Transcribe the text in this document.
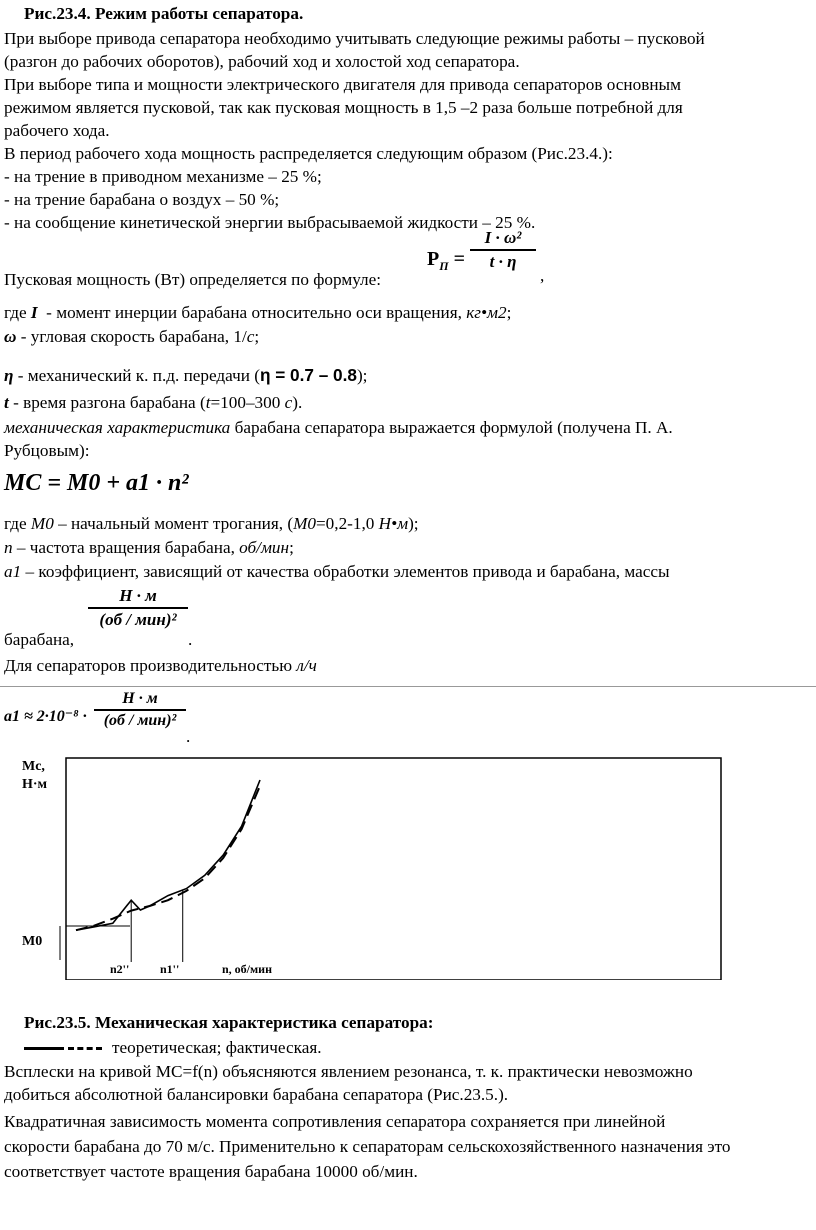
Рис.23.4. Режим работы сепаратора.
При выборе привода сепаратора необходимо учитывать следующие режимы работы – пусковой
(разгон до рабочих оборотов), рабочий ход и холостой ход сепаратора.
При выборе типа и мощности электрического двигателя для привода сепараторов основным
режимом является пусковой, так как пусковая мощность в 1,5 –2 раза больше потребной для
рабочего хода.
В период рабочего хода мощность распределяется следующим образом (Рис.23.4.):
- на трение в приводном механизме – 25 %;
- на трение барабана о воздух – 50 %;
- на сообщение кинетической энергии выбрасываемой жидкости – 25 %.
$P_П$ =
I · ω²
t · η
Пусковая мощность (Вт) определяется по формуле:	,
где I - момент инерции барабана относительно оси вращения, кг•м2;
ω - угловая скорость барабана, 1/с;
η - механический к. п.д. передачи (η = 0.7 – 0.8);
t - время разгона барабана (t=100–300 с).
механическая характеристика барабана сепаратора выражается формулой (получена П. А.
Рубцовым):
MC = M0 + a1 · n²
где M0 – начальный момент трогания, (M0=0,2-1,0 Н•м);
n – частота вращения барабана, об/мин;
a1 – коэффициент, зависящий от качества обработки элементов привода и барабана, массы
Н · м
(об / мин)²
барабана,	.
Для сепараторов производительностью л/ч
a1 ≈ 2·10⁻⁸ ·
Н · м
(об / мин)²
.
Mc,
Н·м
M0
n2''	n1''	n, об/мин
Рис.23.5. Механическая характеристика сепаратора:
теоретическая; фактическая.
Всплески на кривой МС=f(n) объясняются явлением резонанса, т. к. практически невозможно
добиться абсолютной балансировки барабана сепаратора (Рис.23.5.).
Квадратичная зависимость момента сопротивления сепаратора сохраняется при линейной
скорости барабана до 70 м/с. Применительно к сепараторам сельскохозяйственного назначения это
соответствует частоте вращения барабана 10000 об/мин.
